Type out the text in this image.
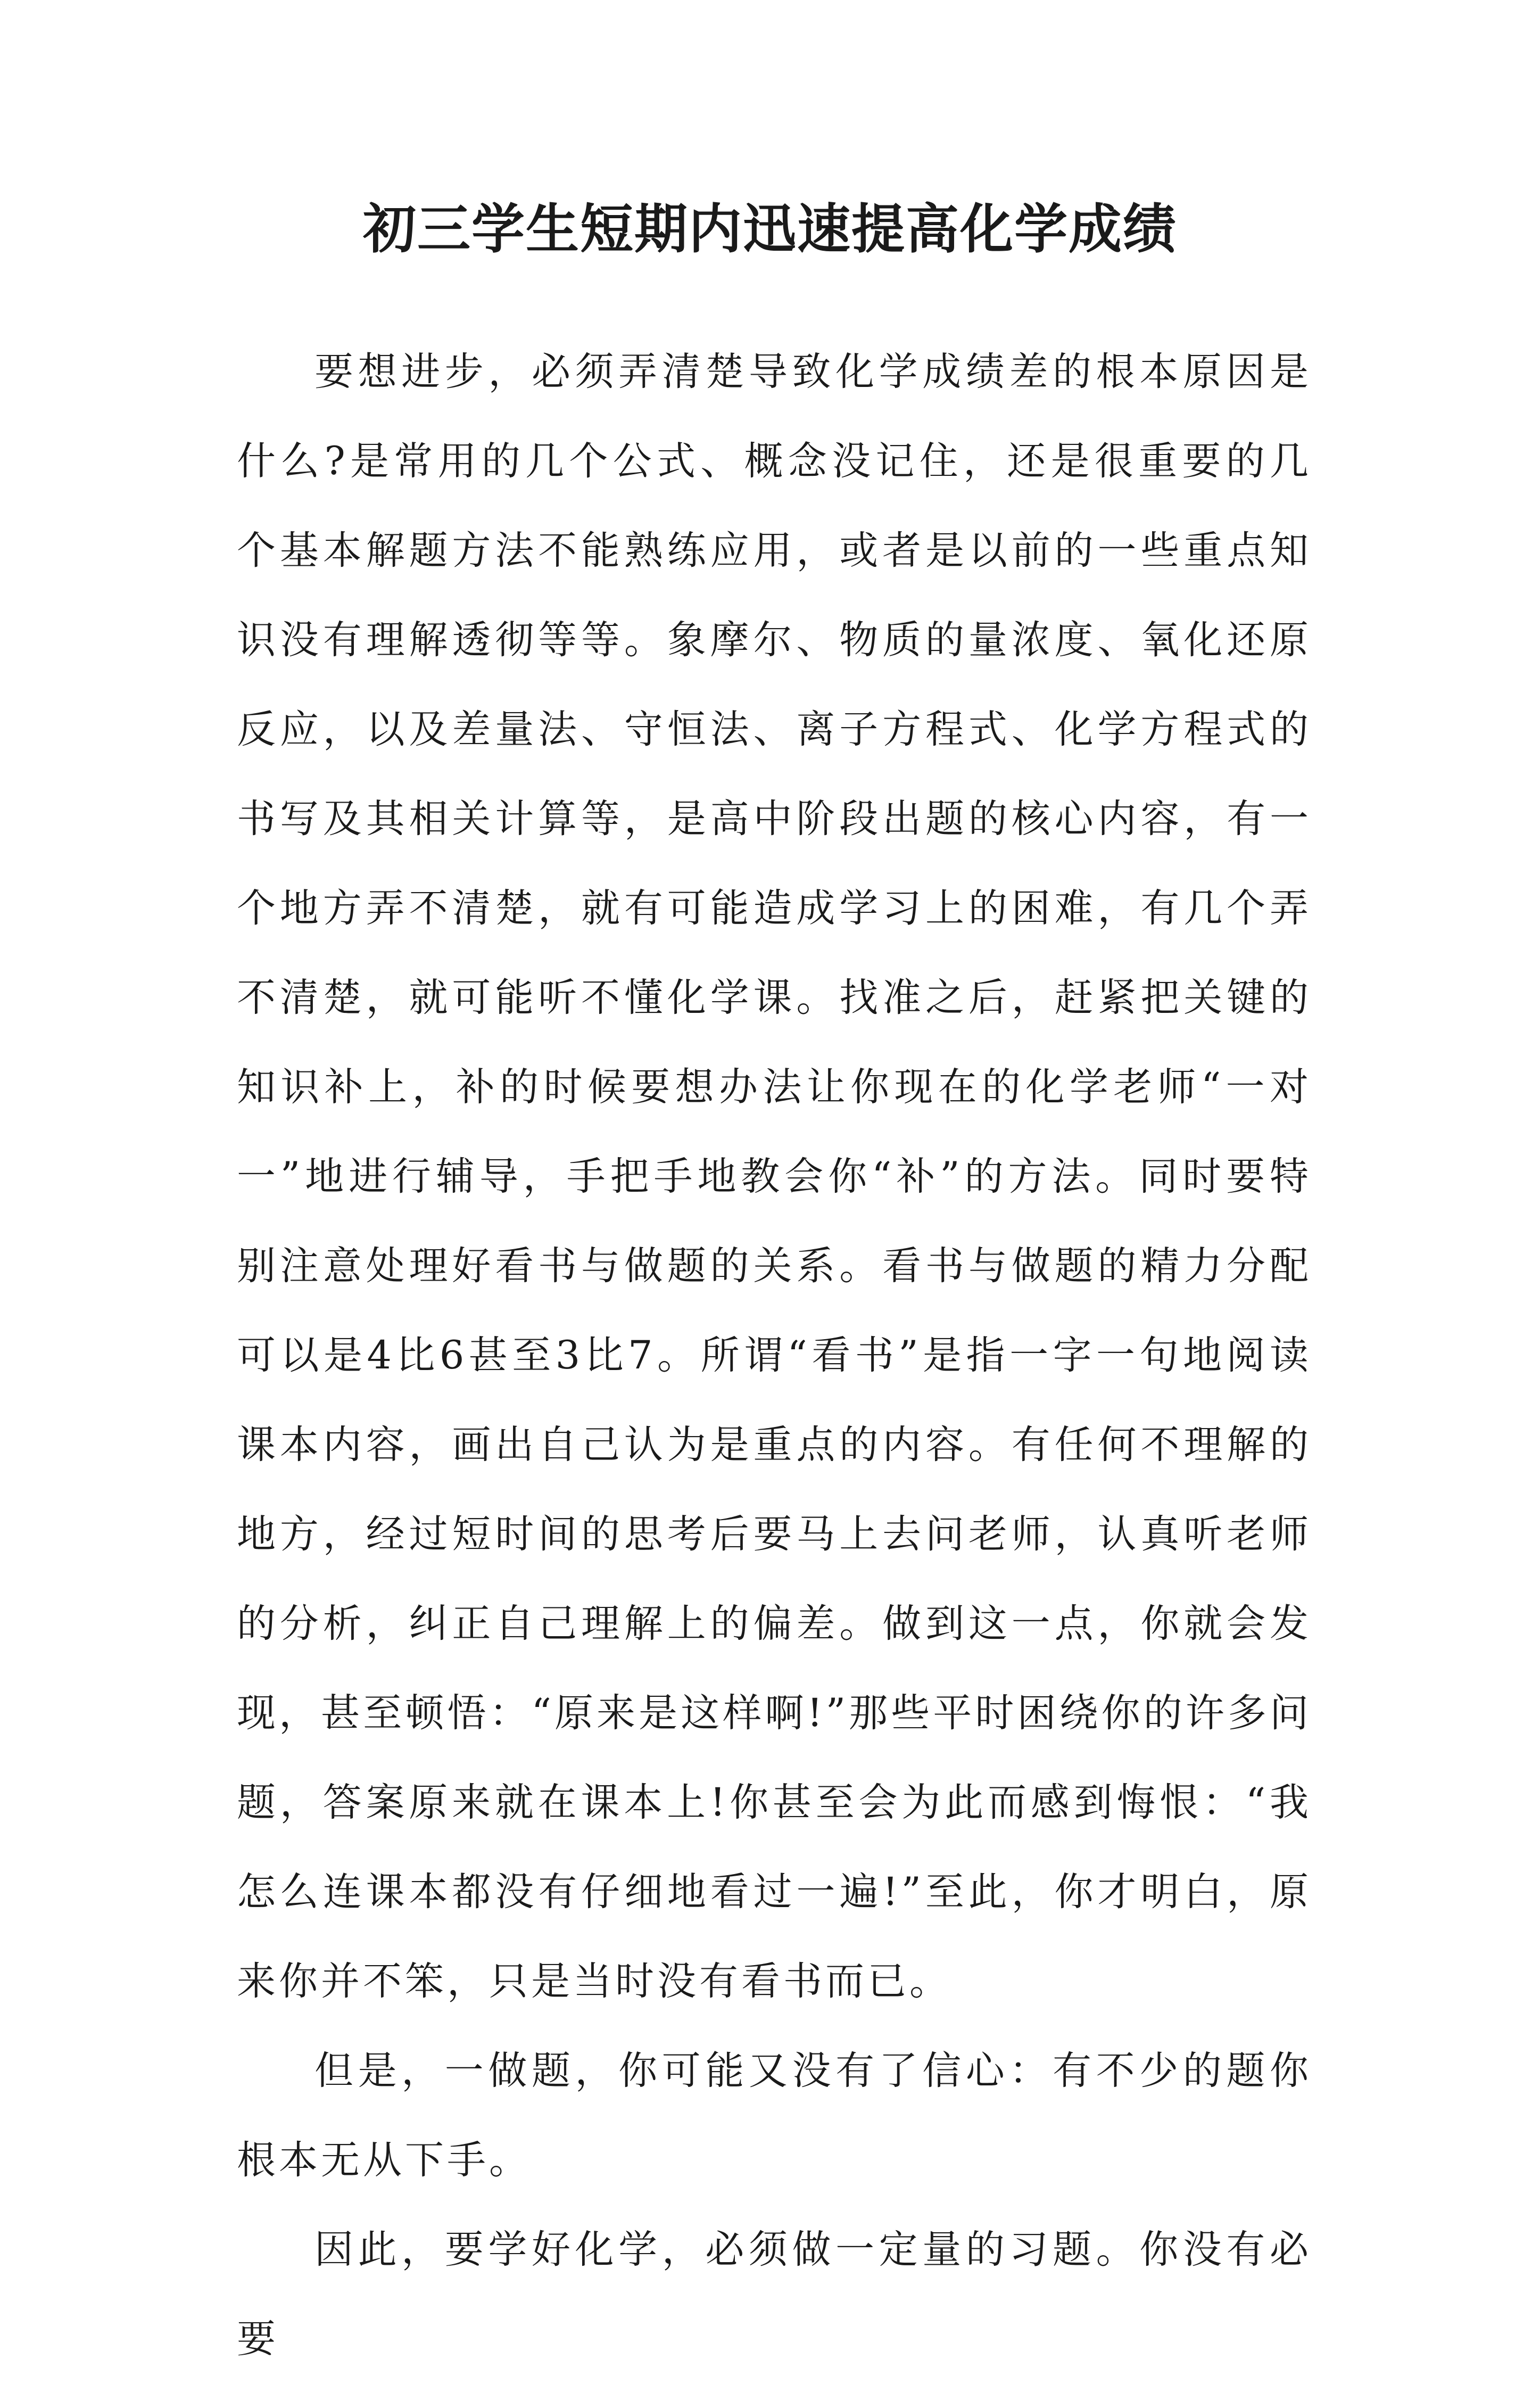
初三学生短期内迅速提高化学成绩

要想进步，必须弄清楚导致化学成绩差的根本原因是什么?是常用的几个公式、概念没记住，还是很重要的几个基本解题方法不能熟练应用，或者是以前的一些重点知识没有理解透彻等等。象摩尔、物质的量浓度、氧化还原反应，以及差量法、守恒法、离子方程式、化学方程式的书写及其相关计算等，是高中阶段出题的核心内容，有一个地方弄不清楚，就有可能造成学习上的困难，有几个弄不清楚，就可能听不懂化学课。找准之后，赶紧把关键的知识补上，补的时候要想办法让你现在的化学老师“一对一”地进行辅导，手把手地教会你“补”的方法。同时要特别注意处理好看书与做题的关系。看书与做题的精力分配可以是4比6甚至3比7。所谓“看书”是指一字一句地阅读课本内容，画出自己认为是重点的内容。有任何不理解的地方，经过短时间的思考后要马上去问老师，认真听老师的分析，纠正自己理解上的偏差。做到这一点，你就会发现，甚至顿悟：“原来是这样啊!”那些平时困绕你的许多问题，答案原来就在课本上!你甚至会为此而感到悔恨：“我怎么连课本都没有仔细地看过一遍!”至此，你才明白，原来你并不笨，只是当时没有看书而已。

但是，一做题，你可能又没有了信心：有不少的题你根本无从下手。

因此，要学好化学，必须做一定量的习题。你没有必要
